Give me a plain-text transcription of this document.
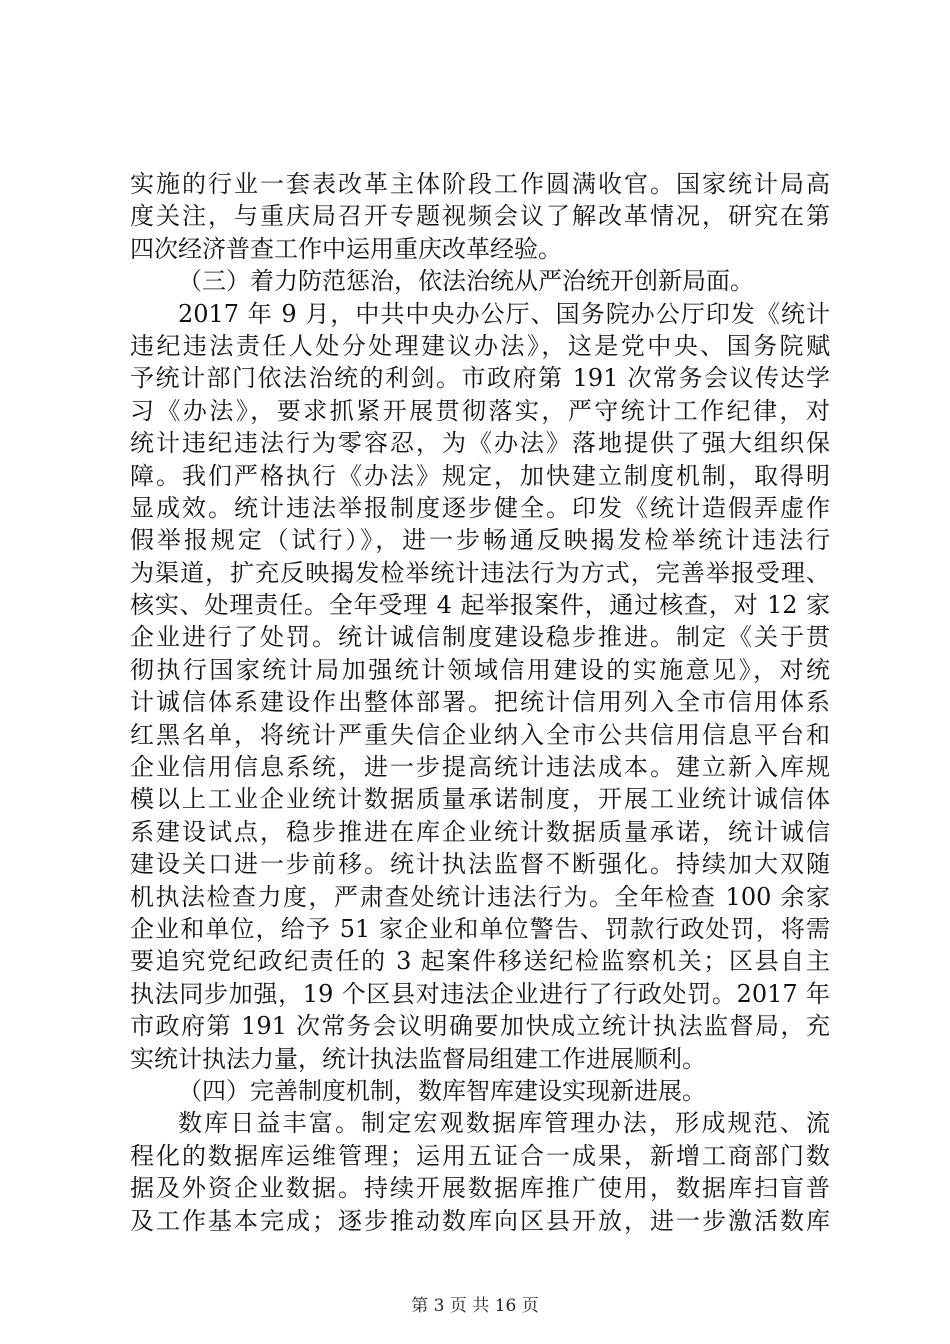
实施的行业一套表改革主体阶段工作圆满收官。国家统计局高
度关注，与重庆局召开专题视频会议了解改革情况，研究在第
四次经济普查工作中运用重庆改革经验。
（三）着力防范惩治，依法治统从严治统开创新局面。
2017 年 9 月，中共中央办公厅、国务院办公厅印发《统计
违纪违法责任人处分处理建议办法》，这是党中央、国务院赋
予统计部门依法治统的利剑。市政府第 191 次常务会议传达学
习《办法》，要求抓紧开展贯彻落实，严守统计工作纪律，对
统计违纪违法行为零容忍，为《办法》落地提供了强大组织保
障。我们严格执行《办法》规定，加快建立制度机制，取得明
显成效。统计违法举报制度逐步健全。印发《统计造假弄虚作
假举报规定（试行）》，进一步畅通反映揭发检举统计违法行
为渠道，扩充反映揭发检举统计违法行为方式，完善举报受理、
核实、处理责任。全年受理 4 起举报案件，通过核查，对 12 家
企业进行了处罚。统计诚信制度建设稳步推进。制定《关于贯
彻执行国家统计局加强统计领域信用建设的实施意见》，对统
计诚信体系建设作出整体部署。把统计信用列入全市信用体系
红黑名单，将统计严重失信企业纳入全市公共信用信息平台和
企业信用信息系统，进一步提高统计违法成本。建立新入库规
模以上工业企业统计数据质量承诺制度，开展工业统计诚信体
系建设试点，稳步推进在库企业统计数据质量承诺，统计诚信
建设关口进一步前移。统计执法监督不断强化。持续加大双随
机执法检查力度，严肃查处统计违法行为。全年检查 100 余家
企业和单位，给予 51 家企业和单位警告、罚款行政处罚，将需
要追究党纪政纪责任的 3 起案件移送纪检监察机关；区县自主
执法同步加强，19 个区县对违法企业进行了行政处罚。2017 年
市政府第 191 次常务会议明确要加快成立统计执法监督局，充
实统计执法力量，统计执法监督局组建工作进展顺利。
（四）完善制度机制，数库智库建设实现新进展。
数库日益丰富。制定宏观数据库管理办法，形成规范、流
程化的数据库运维管理；运用五证合一成果，新增工商部门数
据及外资企业数据。持续开展数据库推广使用，数据库扫盲普
及工作基本完成；逐步推动数库向区县开放，进一步激活数库
第 3 页 共 16 页
